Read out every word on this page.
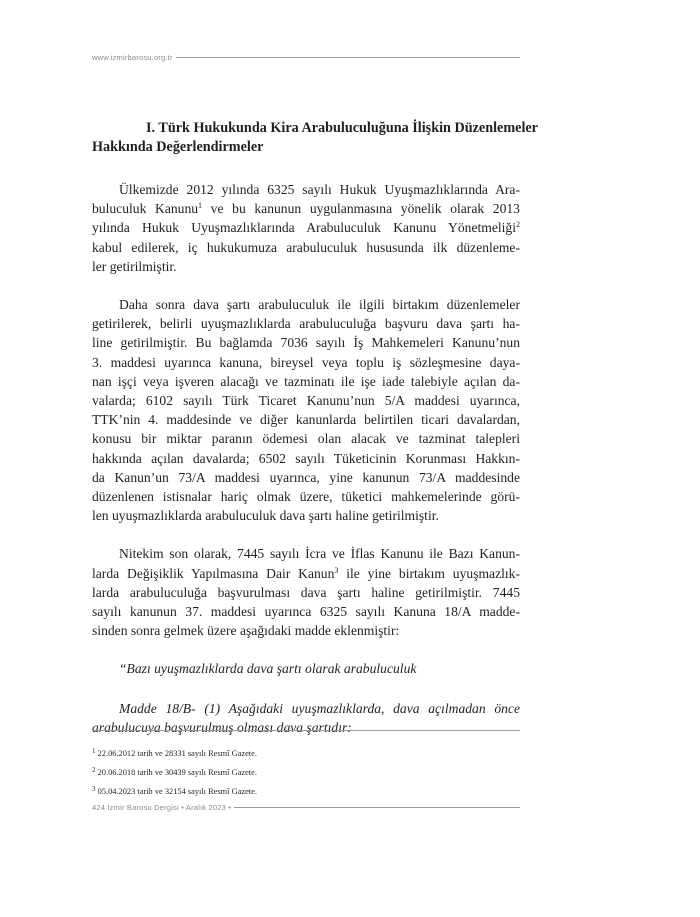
www.izmirbarosu.org.tr
I. Türk Hukukunda Kira Arabuluculuğuna İlişkin Düzenlemeler
Hakkında Değerlendirmeler
Ülkemizde 2012 yılında 6325 sayılı Hukuk Uyuşmazlıklarında Ara-
buluculuk Kanunu$^1$ ve bu kanunun uygulanmasına yönelik olarak 2013
yılında Hukuk Uyuşmazlıklarında Arabuluculuk Kanunu Yönetmeliği$^2$
kabul edilerek, iç hukukumuza arabuluculuk hususunda ilk düzenleme-
ler getirilmiştir.
Daha sonra dava şartı arabuluculuk ile ilgili birtakım düzenlemeler
getirilerek, belirli uyuşmazlıklarda arabuluculuğa başvuru dava şartı ha-
line getirilmiştir. Bu bağlamda 7036 sayılı İş Mahkemeleri Kanunu’nun
3. maddesi uyarınca kanuna, bireysel veya toplu iş sözleşmesine daya-
nan işçi veya işveren alacağı ve tazminatı ile işe iade talebiyle açılan da-
valarda; 6102 sayılı Türk Ticaret Kanunu’nun 5/A maddesi uyarınca,
TTK’nin 4. maddesinde ve diğer kanunlarda belirtilen ticari davalardan,
konusu bir miktar paranın ödemesi olan alacak ve tazminat talepleri
hakkında açılan davalarda; 6502 sayılı Tüketicinin Korunması Hakkın-
da Kanun’un 73/A maddesi uyarınca, yine kanunun 73/A maddesinde
düzenlenen istisnalar hariç olmak üzere, tüketici mahkemelerinde görü-
len uyuşmazlıklarda arabuluculuk dava şartı haline getirilmiştir.
Nitekim son olarak, 7445 sayılı İcra ve İflas Kanunu ile Bazı Kanun-
larda Değişiklik Yapılmasına Dair Kanun$^3$ ile yine birtakım uyuşmazlık-
larda arabuluculuğa başvurulması dava şartı haline getirilmiştir. 7445
sayılı kanunun 37. maddesi uyarınca 6325 sayılı Kanuna 18/A madde-
sinden sonra gelmek üzere aşağıdaki madde eklenmiştir:
“Bazı uyuşmazlıklarda dava şartı olarak arabuluculuk
Madde 18/B- (1) Aşağıdaki uyuşmazlıklarda, dava açılmadan önce
arabulucuya başvurulmuş olması dava şartıdır:
$^1$ 22.06.2012 tarih ve 28331 sayılı Resmî Gazete.
$^2$ 20.06.2018 tarih ve 30439 sayılı Resmî Gazete.
$^3$ 05.04.2023 tarih ve 32154 sayılı Resmî Gazete.
424 İzmir Barosu Dergisi • Aralık 2023 •
